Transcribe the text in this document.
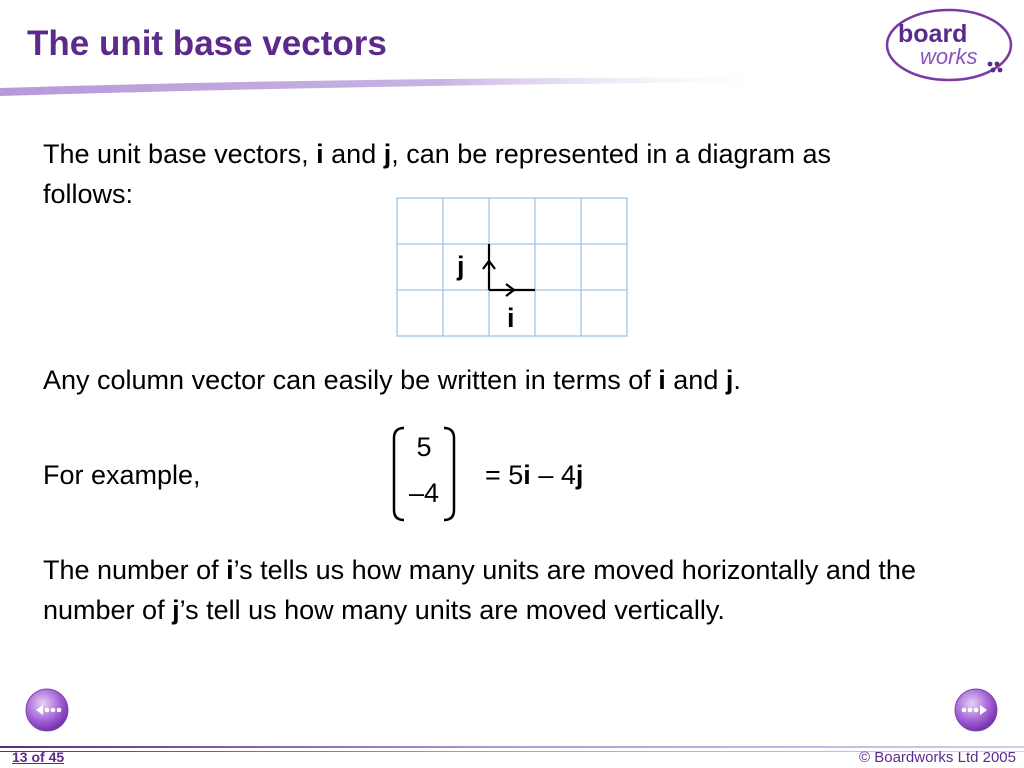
The unit base vectors	board
works
The unit base vectors, i and j, can be represented in a diagram as follows:
j
i
Any column vector can easily be written in terms of i and j.
For example,
5
–4
= 5i – 4j
The number of i’s tells us how many units are moved horizontally and the number of j’s tell us how many units are moved vertically.
13 of 45	© Boardworks Ltd 2005
